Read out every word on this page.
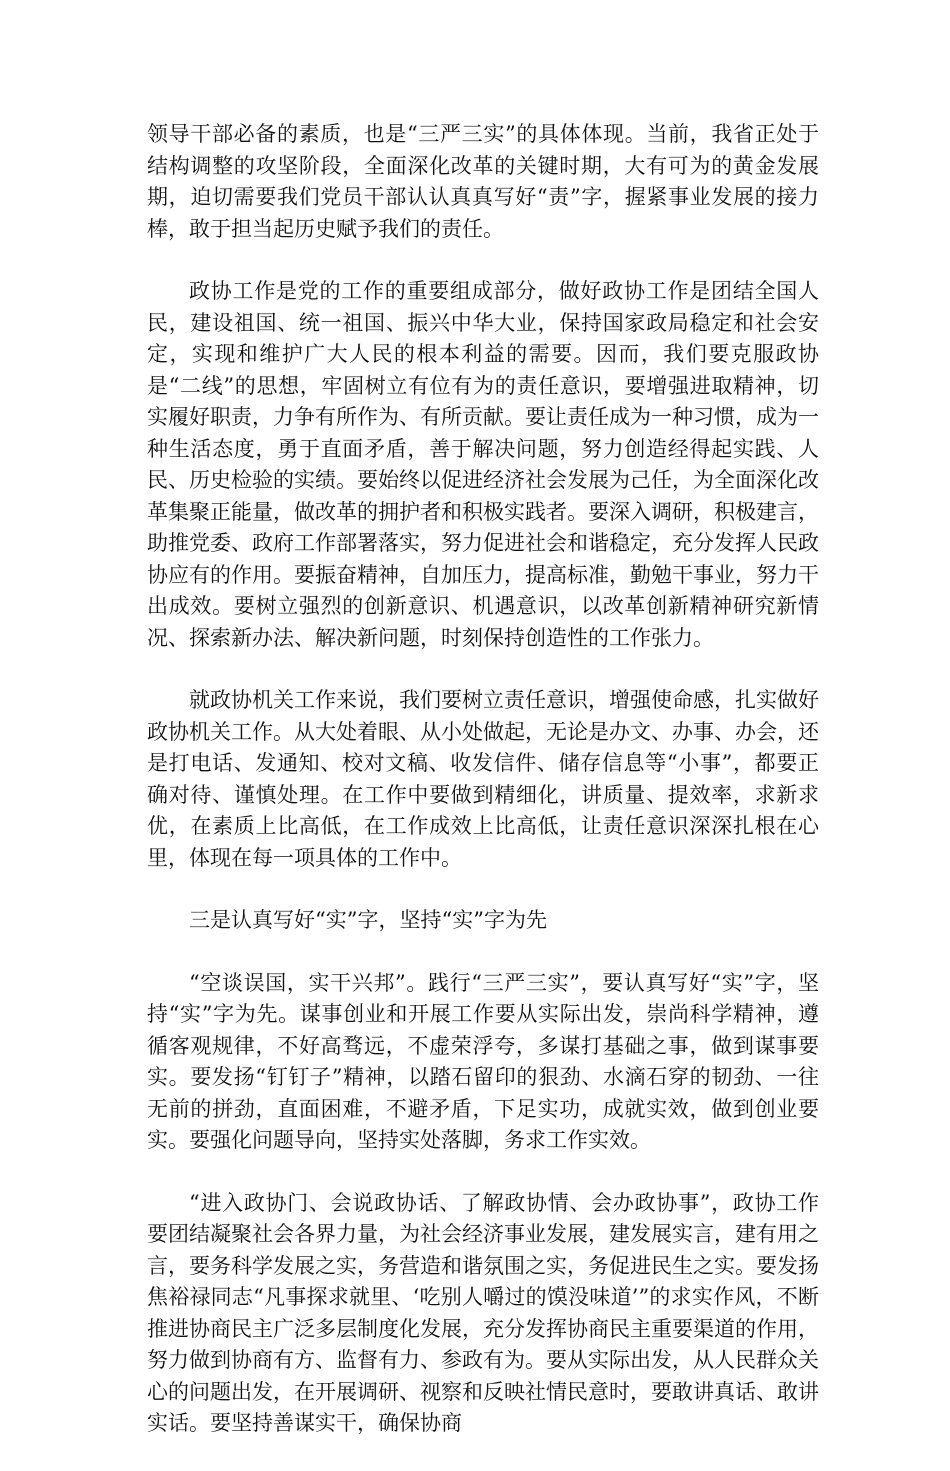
领导干部必备的素质，也是“三严三实”的具体体现。当前，我省正处于结构调整的攻坚阶段，全面深化改革的关键时期，大有可为的黄金发展期，迫切需要我们党员干部认认真真写好“责”字，握紧事业发展的接力棒，敢于担当起历史赋予我们的责任。

政协工作是党的工作的重要组成部分，做好政协工作是团结全国人民，建设祖国、统一祖国、振兴中华大业，保持国家政局稳定和社会安定，实现和维护广大人民的根本利益的需要。因而，我们要克服政协是“二线”的思想，牢固树立有位有为的责任意识，要增强进取精神，切实履好职责，力争有所作为、有所贡献。要让责任成为一种习惯，成为一种生活态度，勇于直面矛盾，善于解决问题，努力创造经得起实践、人民、历史检验的实绩。要始终以促进经济社会发展为己任，为全面深化改革集聚正能量，做改革的拥护者和积极实践者。要深入调研，积极建言，助推党委、政府工作部署落实，努力促进社会和谐稳定，充分发挥人民政协应有的作用。要振奋精神，自加压力，提高标准，勤勉干事业，努力干出成效。要树立强烈的创新意识、机遇意识，以改革创新精神研究新情况、探索新办法、解决新问题，时刻保持创造性的工作张力。

就政协机关工作来说，我们要树立责任意识，增强使命感，扎实做好政协机关工作。从大处着眼、从小处做起，无论是办文、办事、办会，还是打电话、发通知、校对文稿、收发信件、储存信息等“小事”，都要正确对待、谨慎处理。在工作中要做到精细化，讲质量、提效率，求新求优，在素质上比高低，在工作成效上比高低，让责任意识深深扎根在心里，体现在每一项具体的工作中。

三是认真写好“实”字，坚持“实”字为先

“空谈误国，实干兴邦”。践行“三严三实”，要认真写好“实”字，坚持“实”字为先。谋事创业和开展工作要从实际出发，崇尚科学精神，遵循客观规律，不好高骛远，不虚荣浮夸，多谋打基础之事，做到谋事要实。要发扬“钉钉子”精神，以踏石留印的狠劲、水滴石穿的韧劲、一往无前的拼劲，直面困难，不避矛盾，下足实功，成就实效，做到创业要实。要强化问题导向，坚持实处落脚，务求工作实效。

“进入政协门、会说政协话、了解政协情、会办政协事”，政协工作要团结凝聚社会各界力量，为社会经济事业发展，建发展实言，建有用之言，要务科学发展之实，务营造和谐氛围之实，务促进民生之实。要发扬焦裕禄同志“凡事探求就里、‘吃别人嚼过的馍没味道’”的求实作风，不断推进协商民主广泛多层制度化发展，充分发挥协商民主重要渠道的作用，努力做到协商有方、监督有力、参政有为。要从实际出发，从人民群众关心的问题出发，在开展调研、视察和反映社情民意时，要敢讲真话、敢讲实话。要坚持善谋实干，确保协商
